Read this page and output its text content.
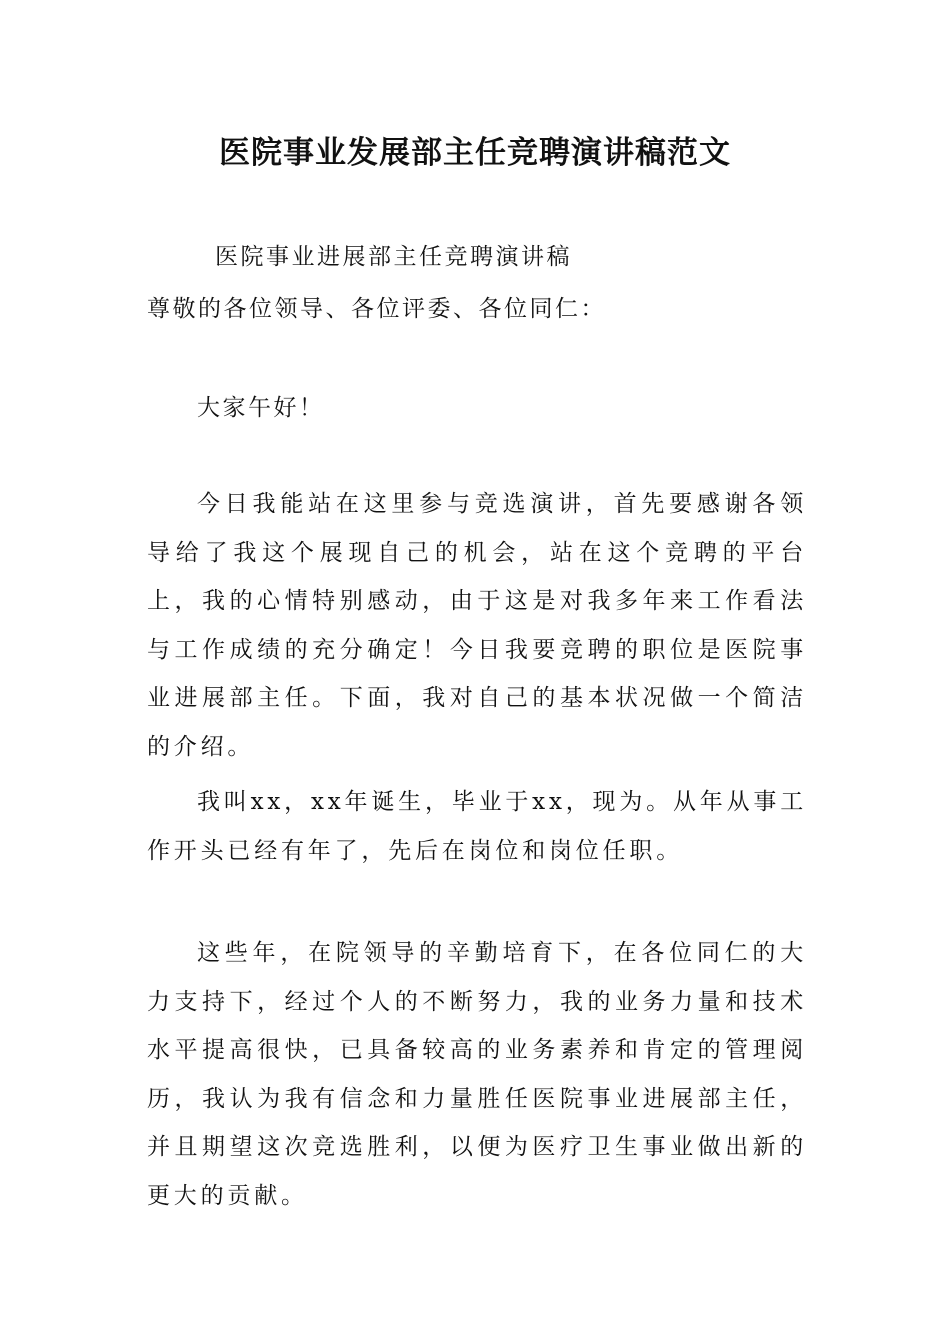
医院事业发展部主任竞聘演讲稿范文

医院事业进展部主任竞聘演讲稿

尊敬的各位领导、各位评委、各位同仁：

大家午好！

今日我能站在这里参与竞选演讲，首先要感谢各领导给了我这个展现自己的机会，站在这个竞聘的平台上，我的心情特别感动，由于这是对我多年来工作看法与工作成绩的充分确定！今日我要竞聘的职位是医院事业进展部主任。下面，我对自己的基本状况做一个简洁的介绍。

我叫xx，xx年诞生，毕业于xx，现为。从年从事工作开头已经有年了，先后在岗位和岗位任职。

这些年，在院领导的辛勤培育下，在各位同仁的大力支持下，经过个人的不断努力，我的业务力量和技术水平提高很快，已具备较高的业务素养和肯定的管理阅历，我认为我有信念和力量胜任医院事业进展部主任，并且期望这次竞选胜利，以便为医疗卫生事业做出新的更大的贡献。
